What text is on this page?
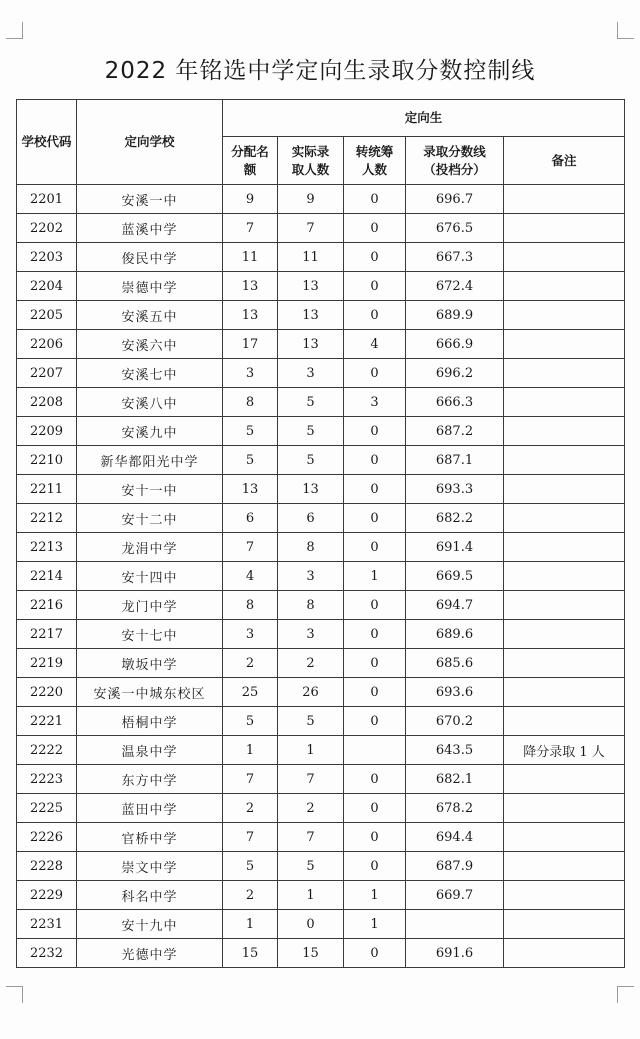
2022 年铭选中学定向生录取分数控制线
学校代码	定向学校	定向生				
		分配名额	实际录取人数	转统筹人数	录取分数线
（投档分）	备注
2201	安溪一中	9	9	0	696.7	
2202	蓝溪中学	7	7	0	676.5	
2203	俊民中学	11	11	0	667.3	
2204	崇德中学	13	13	0	672.4	
2205	安溪五中	13	13	0	689.9	
2206	安溪六中	17	13	4	666.9	
2207	安溪七中	3	3	0	696.2	
2208	安溪八中	8	5	3	666.3	
2209	安溪九中	5	5	0	687.2	
2210	新华都阳光中学	5	5	0	687.1	
2211	安十一中	13	13	0	693.3	
2212	安十二中	6	6	0	682.2	
2213	龙涓中学	7	8	0	691.4	
2214	安十四中	4	3	1	669.5	
2216	龙门中学	8	8	0	694.7	
2217	安十七中	3	3	0	689.6	
2219	墩坂中学	2	2	0	685.6	
2220	安溪一中城东校区	25	26	0	693.6	
2221	梧桐中学	5	5	0	670.2	
2222	温泉中学	1	1		643.5	降分录取 1 人
2223	东方中学	7	7	0	682.1	
2225	蓝田中学	2	2	0	678.2	
2226	官桥中学	7	7	0	694.4	
2228	崇文中学	5	5	0	687.9	
2229	科名中学	2	1	1	669.7	
2231	安十九中	1	0	1		
2232	光德中学	15	15	0	691.6	
